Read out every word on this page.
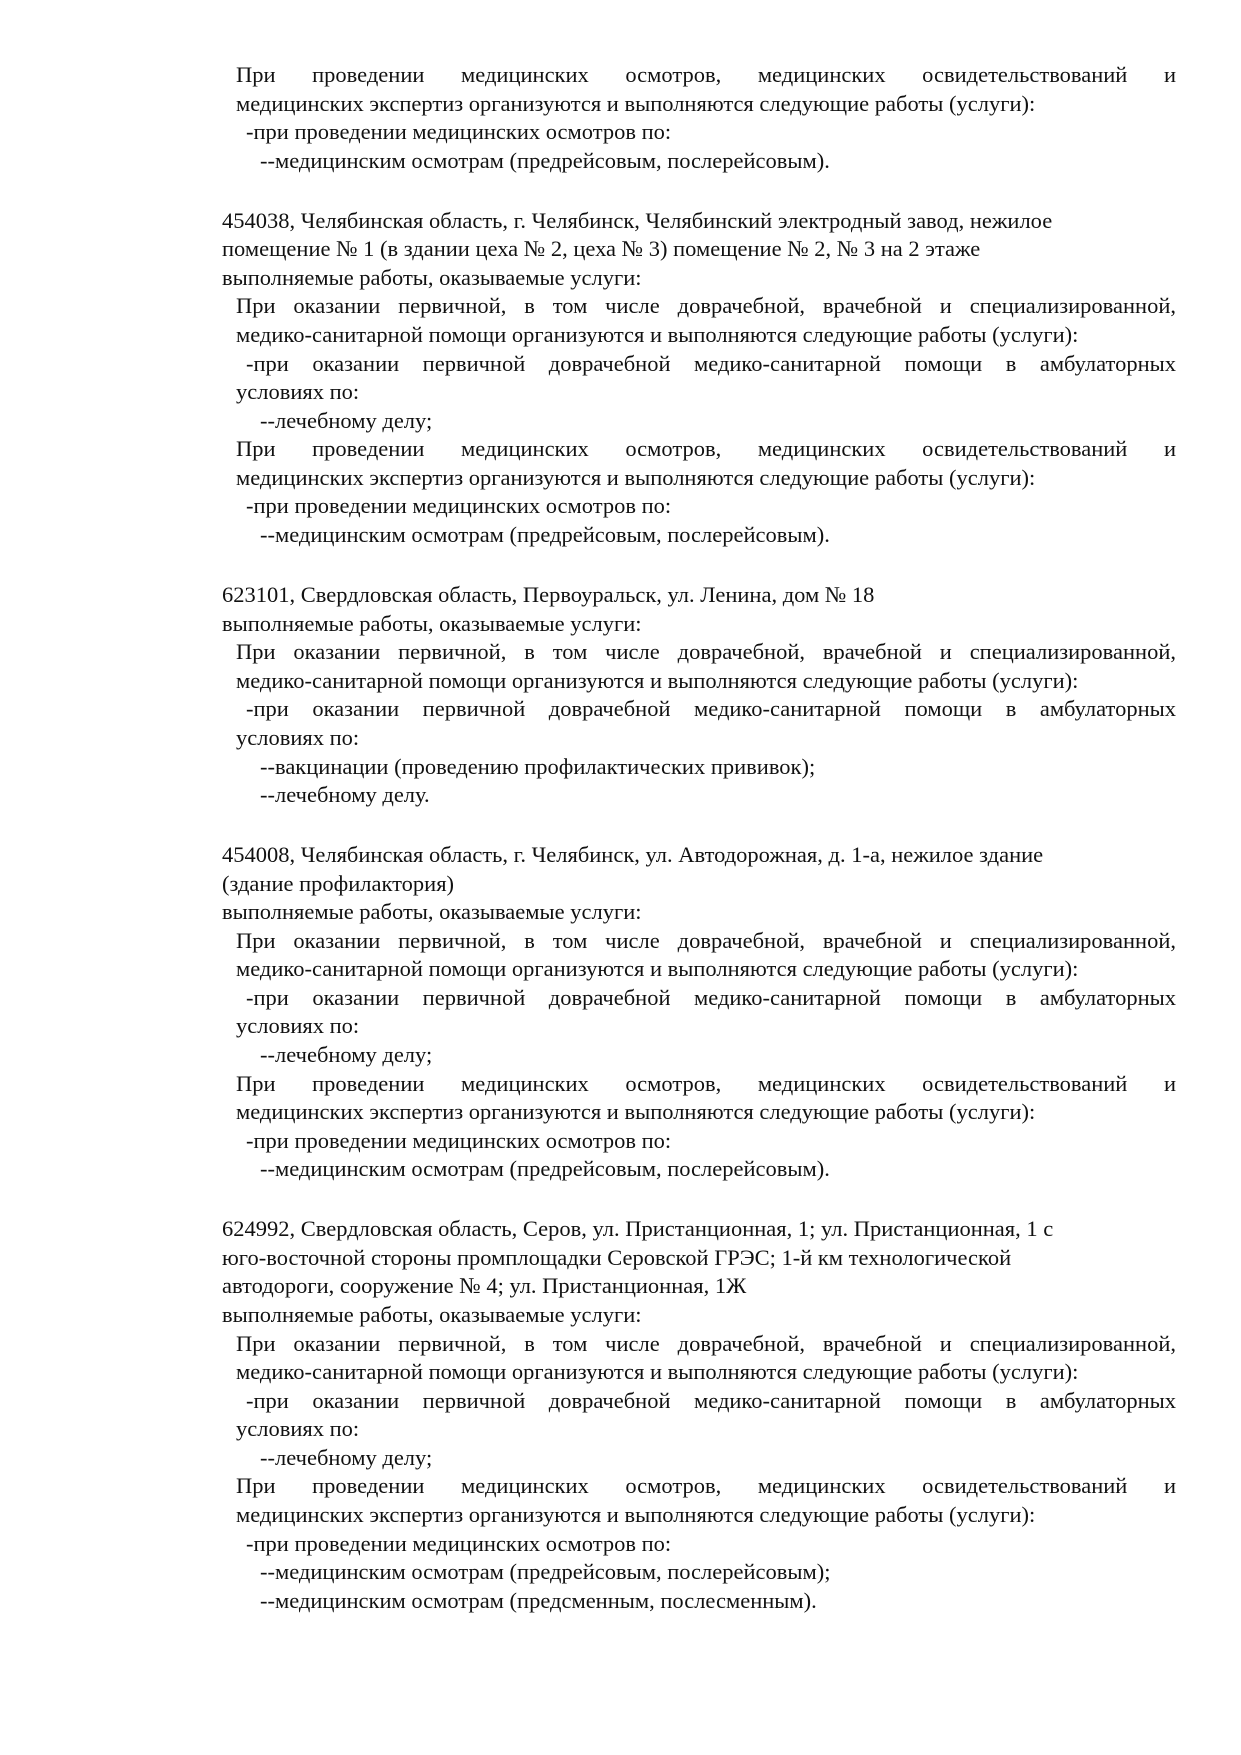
При проведении медицинских осмотров, медицинских освидетельствований и
медицинских экспертиз организуются и выполняются следующие работы (услуги):
-при проведении медицинских осмотров по:
--медицинским осмотрам (предрейсовым, послерейсовым).
454038, Челябинская область, г. Челябинск, Челябинский электродный завод, нежилое
помещение № 1 (в здании цеха № 2, цеха № 3) помещение № 2, № 3 на 2 этаже
выполняемые работы, оказываемые услуги:
При оказании первичной, в том числе доврачебной, врачебной и специализированной,
медико-санитарной помощи организуются и выполняются следующие работы (услуги):
-при оказании первичной доврачебной медико-санитарной помощи в амбулаторных
условиях по:
--лечебному делу;
При проведении медицинских осмотров, медицинских освидетельствований и
медицинских экспертиз организуются и выполняются следующие работы (услуги):
-при проведении медицинских осмотров по:
--медицинским осмотрам (предрейсовым, послерейсовым).
623101, Свердловская область, Первоуральск, ул. Ленина, дом № 18
выполняемые работы, оказываемые услуги:
При оказании первичной, в том числе доврачебной, врачебной и специализированной,
медико-санитарной помощи организуются и выполняются следующие работы (услуги):
-при оказании первичной доврачебной медико-санитарной помощи в амбулаторных
условиях по:
--вакцинации (проведению профилактических прививок);
--лечебному делу.
454008, Челябинская область, г. Челябинск, ул. Автодорожная, д. 1-а, нежилое здание
(здание профилактория)
выполняемые работы, оказываемые услуги:
При оказании первичной, в том числе доврачебной, врачебной и специализированной,
медико-санитарной помощи организуются и выполняются следующие работы (услуги):
-при оказании первичной доврачебной медико-санитарной помощи в амбулаторных
условиях по:
--лечебному делу;
При проведении медицинских осмотров, медицинских освидетельствований и
медицинских экспертиз организуются и выполняются следующие работы (услуги):
-при проведении медицинских осмотров по:
--медицинским осмотрам (предрейсовым, послерейсовым).
624992, Свердловская область, Серов, ул. Пристанционная, 1; ул. Пристанционная, 1 с
юго-восточной стороны промплощадки Серовской ГРЭС; 1-й км технологической
автодороги, сооружение № 4; ул. Пристанционная, 1Ж
выполняемые работы, оказываемые услуги:
При оказании первичной, в том числе доврачебной, врачебной и специализированной,
медико-санитарной помощи организуются и выполняются следующие работы (услуги):
-при оказании первичной доврачебной медико-санитарной помощи в амбулаторных
условиях по:
--лечебному делу;
При проведении медицинских осмотров, медицинских освидетельствований и
медицинских экспертиз организуются и выполняются следующие работы (услуги):
-при проведении медицинских осмотров по:
--медицинским осмотрам (предрейсовым, послерейсовым);
--медицинским осмотрам (предсменным, послесменным).
